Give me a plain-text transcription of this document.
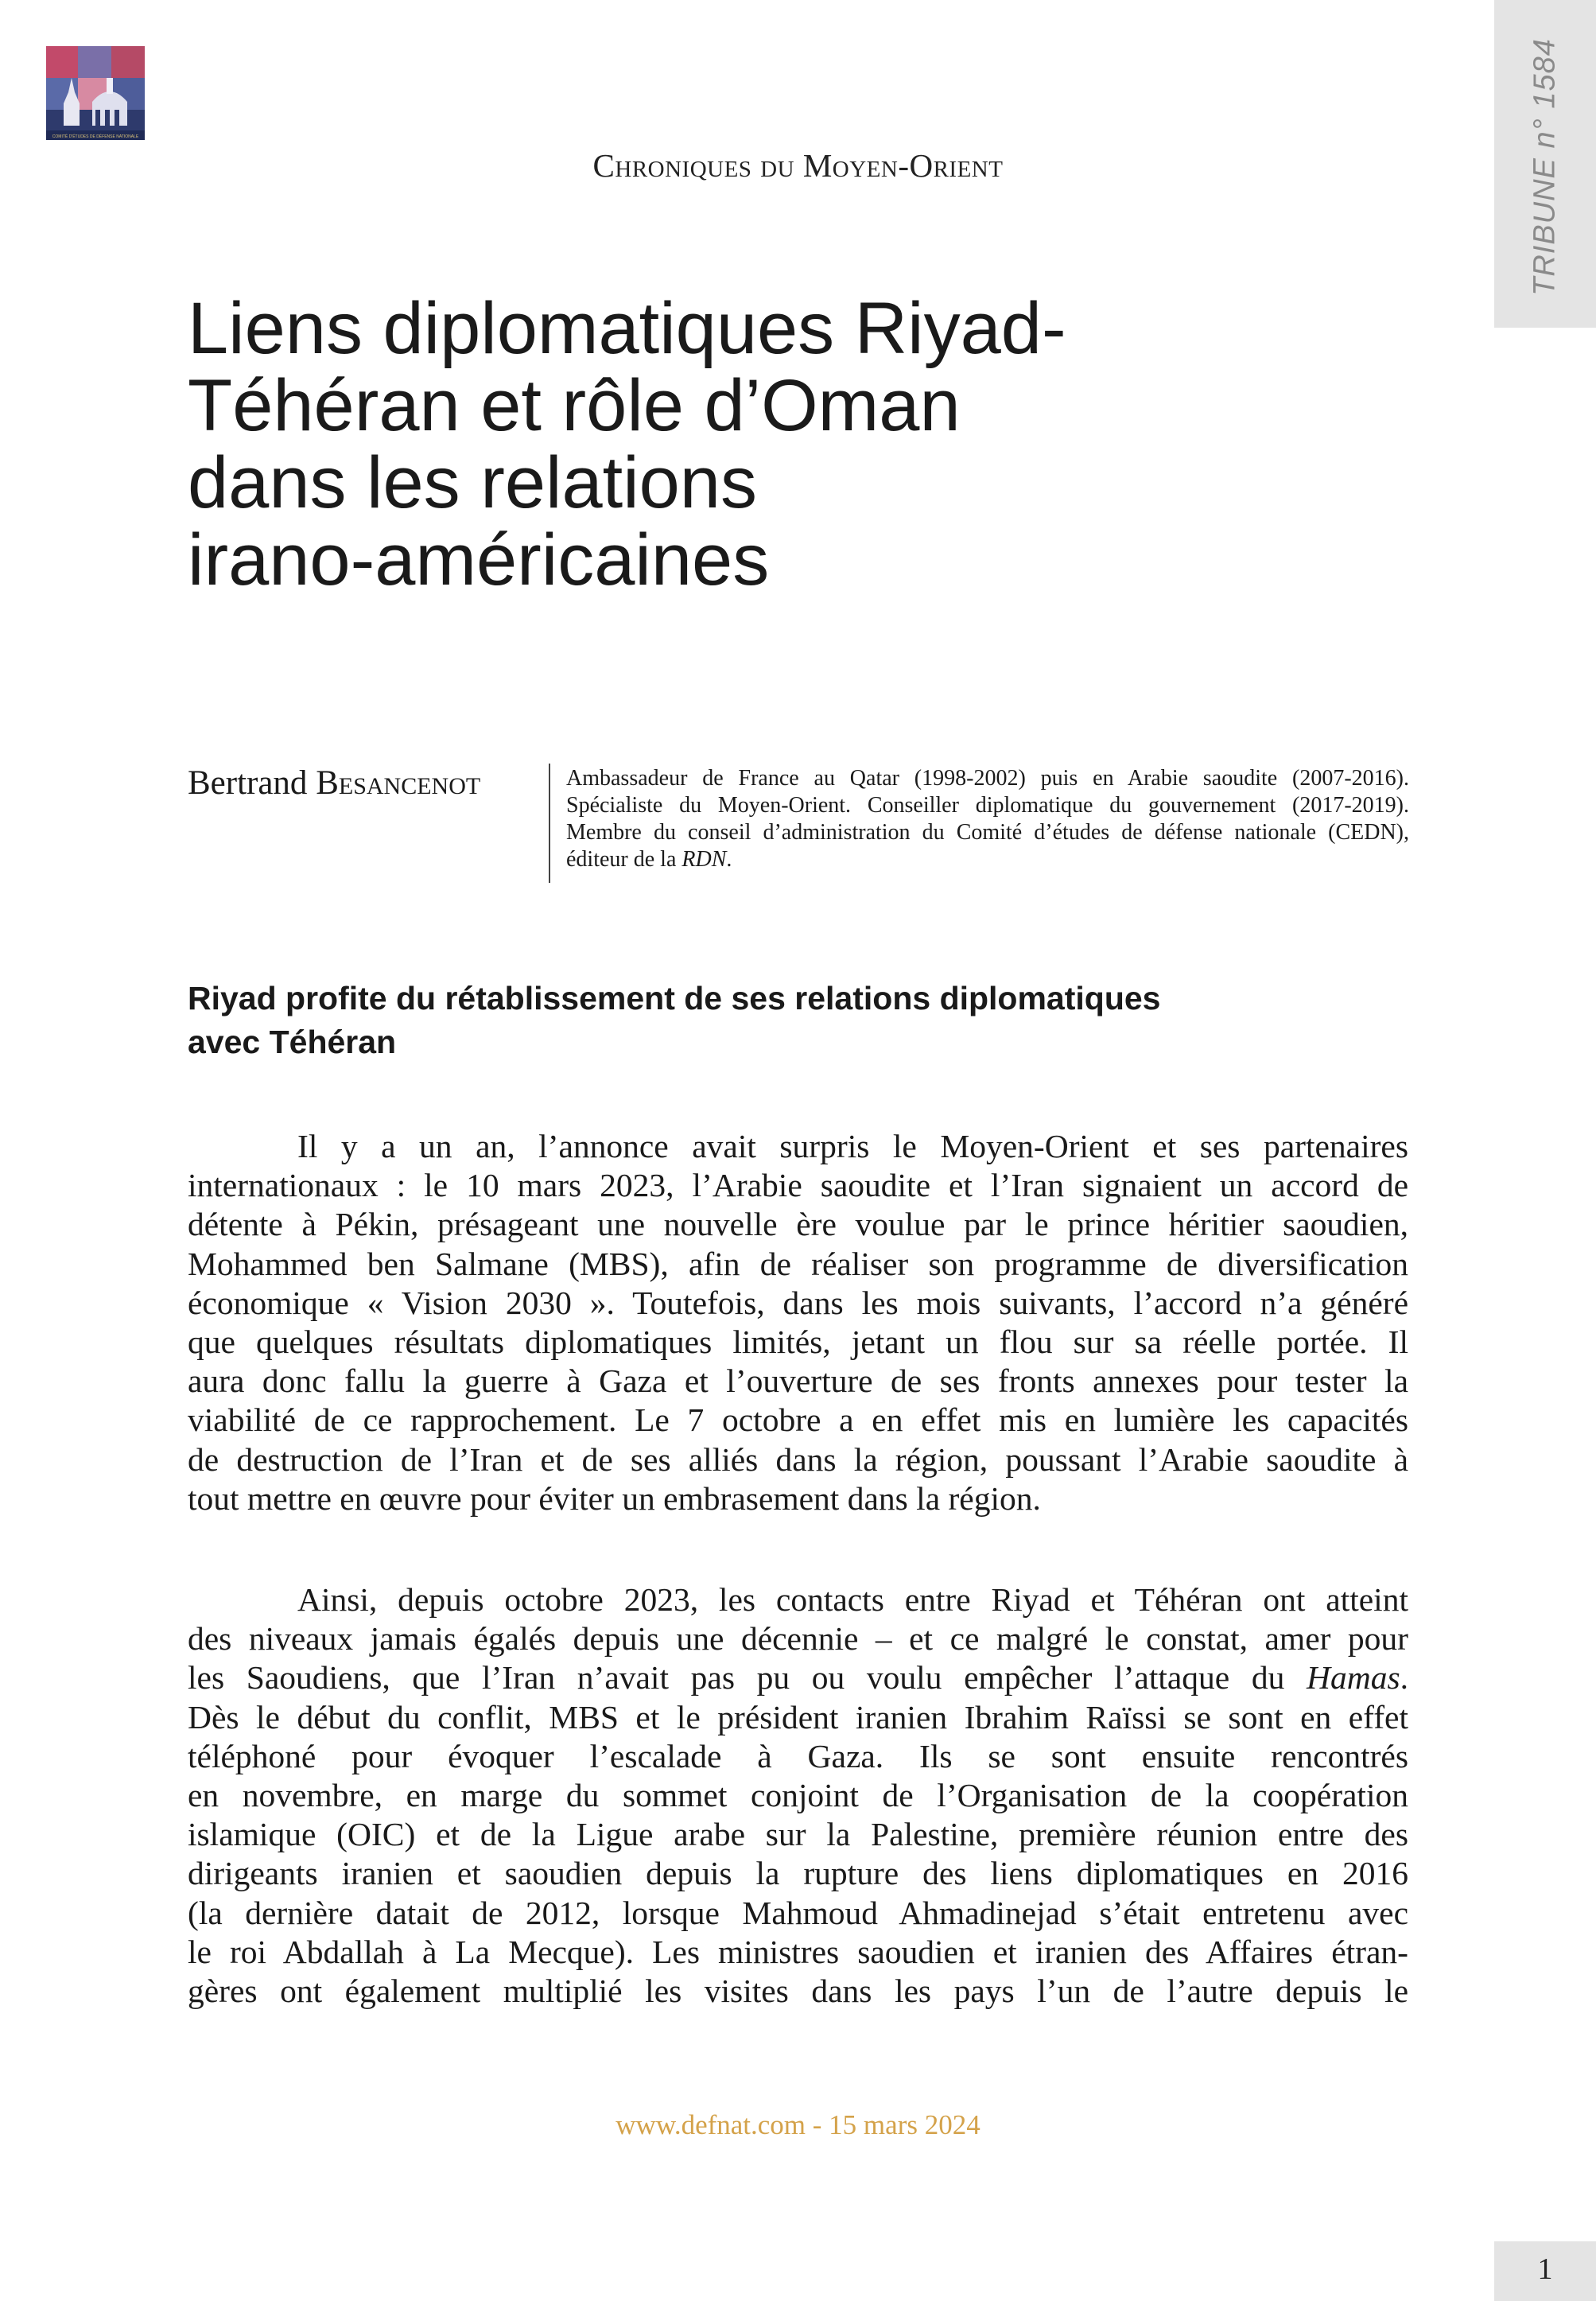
COMITÉ D'ÉTUDES DE DÉFENSE NATIONALE	TRIBUNE n° 1584
Chroniques du Moyen-Orient
Liens diplomatiques Riyad-
Téhéran et rôle d’Oman
dans les relations
irano-américaines
Bertrand Besancenot	Ambassadeur de France au Qatar (1998-2002) puis en Arabie saoudite (2007-2016). Spécialiste du Moyen-Orient. Conseiller diplomatique du gouvernement (2017-2019). Membre du conseil d’administration du Comité d’études de défense nationale (CEDN), éditeur de la RDN.
Riyad profite du rétablissement de ses relations diplomatiques
avec Téhéran
Il y a un an, l’annonce avait surpris le Moyen-Orient et ses partenaires
internationaux : le 10 mars 2023, l’Arabie saoudite et l’Iran signaient un accord de
détente à Pékin, présageant une nouvelle ère voulue par le prince héritier saoudien,
Mohammed ben Salmane (MBS), afin de réaliser son programme de diversification
économique « Vision 2030 ». Toutefois, dans les mois suivants, l’accord n’a généré
que quelques résultats diplomatiques limités, jetant un flou sur sa réelle portée. Il
aura donc fallu la guerre à Gaza et l’ouverture de ses fronts annexes pour tester la
viabilité de ce rapprochement. Le 7 octobre a en effet mis en lumière les capacités
de destruction de l’Iran et de ses alliés dans la région, poussant l’Arabie saoudite à
tout mettre en œuvre pour éviter un embrasement dans la région.
Ainsi, depuis octobre 2023, les contacts entre Riyad et Téhéran ont atteint
des niveaux jamais égalés depuis une décennie – et ce malgré le constat, amer pour
les Saoudiens, que l’Iran n’avait pas pu ou voulu empêcher l’attaque du Hamas.
Dès le début du conflit, MBS et le président iranien Ibrahim Raïssi se sont en effet
téléphoné pour évoquer l’escalade à Gaza. Ils se sont ensuite rencontrés
en novembre, en marge du sommet conjoint de l’Organisation de la coopération
islamique (OIC) et de la Ligue arabe sur la Palestine, première réunion entre des
dirigeants iranien et saoudien depuis la rupture des liens diplomatiques en 2016
(la dernière datait de 2012, lorsque Mahmoud Ahmadinejad s’était entretenu avec
le roi Abdallah à La Mecque). Les ministres saoudien et iranien des Affaires étran-
gères ont également multiplié les visites dans les pays l’un de l’autre depuis le
www.defnat.com - 15 mars 2024
1
